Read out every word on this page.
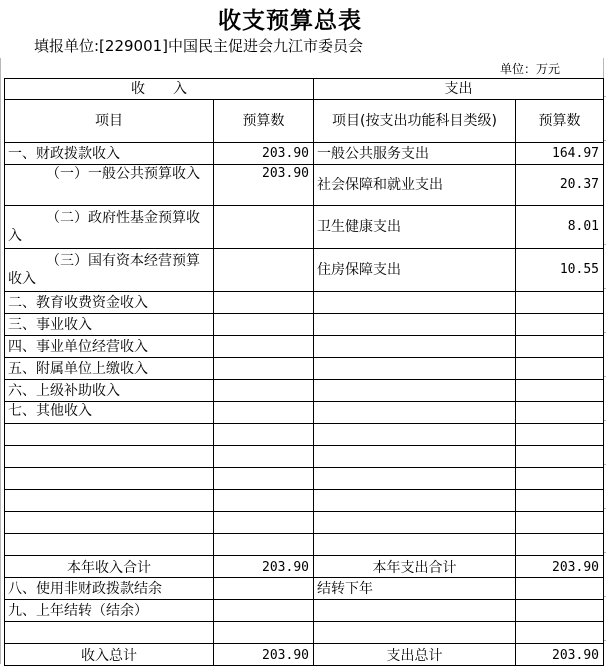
收支预算总表
填报单位:[229001]中国民主促进会九江市委员会
单位：万元
收　　入		支出	
项目	预算数	项目(按支出功能科目类级)	预算数
一、财政拨款收入	203.90	一般公共服务支出	164.97
（一）一般公共预算收入	203.90	社会保障和就业支出	20.37
（二）政府性基金预算收入		卫生健康支出	8.01
（三）国有资本经营预算收入		住房保障支出	10.55
二、教育收费资金收入			
三、事业收入			
四、事业单位经营收入			
五、附属单位上缴收入			
六、上级补助收入			
七、其他收入			

本年收入合计	203.90	本年支出合计	203.90
八、使用非财政拨款结余		结转下年	
九、上年结转（结余）			

收入总计	203.90	支出总计	203.90
